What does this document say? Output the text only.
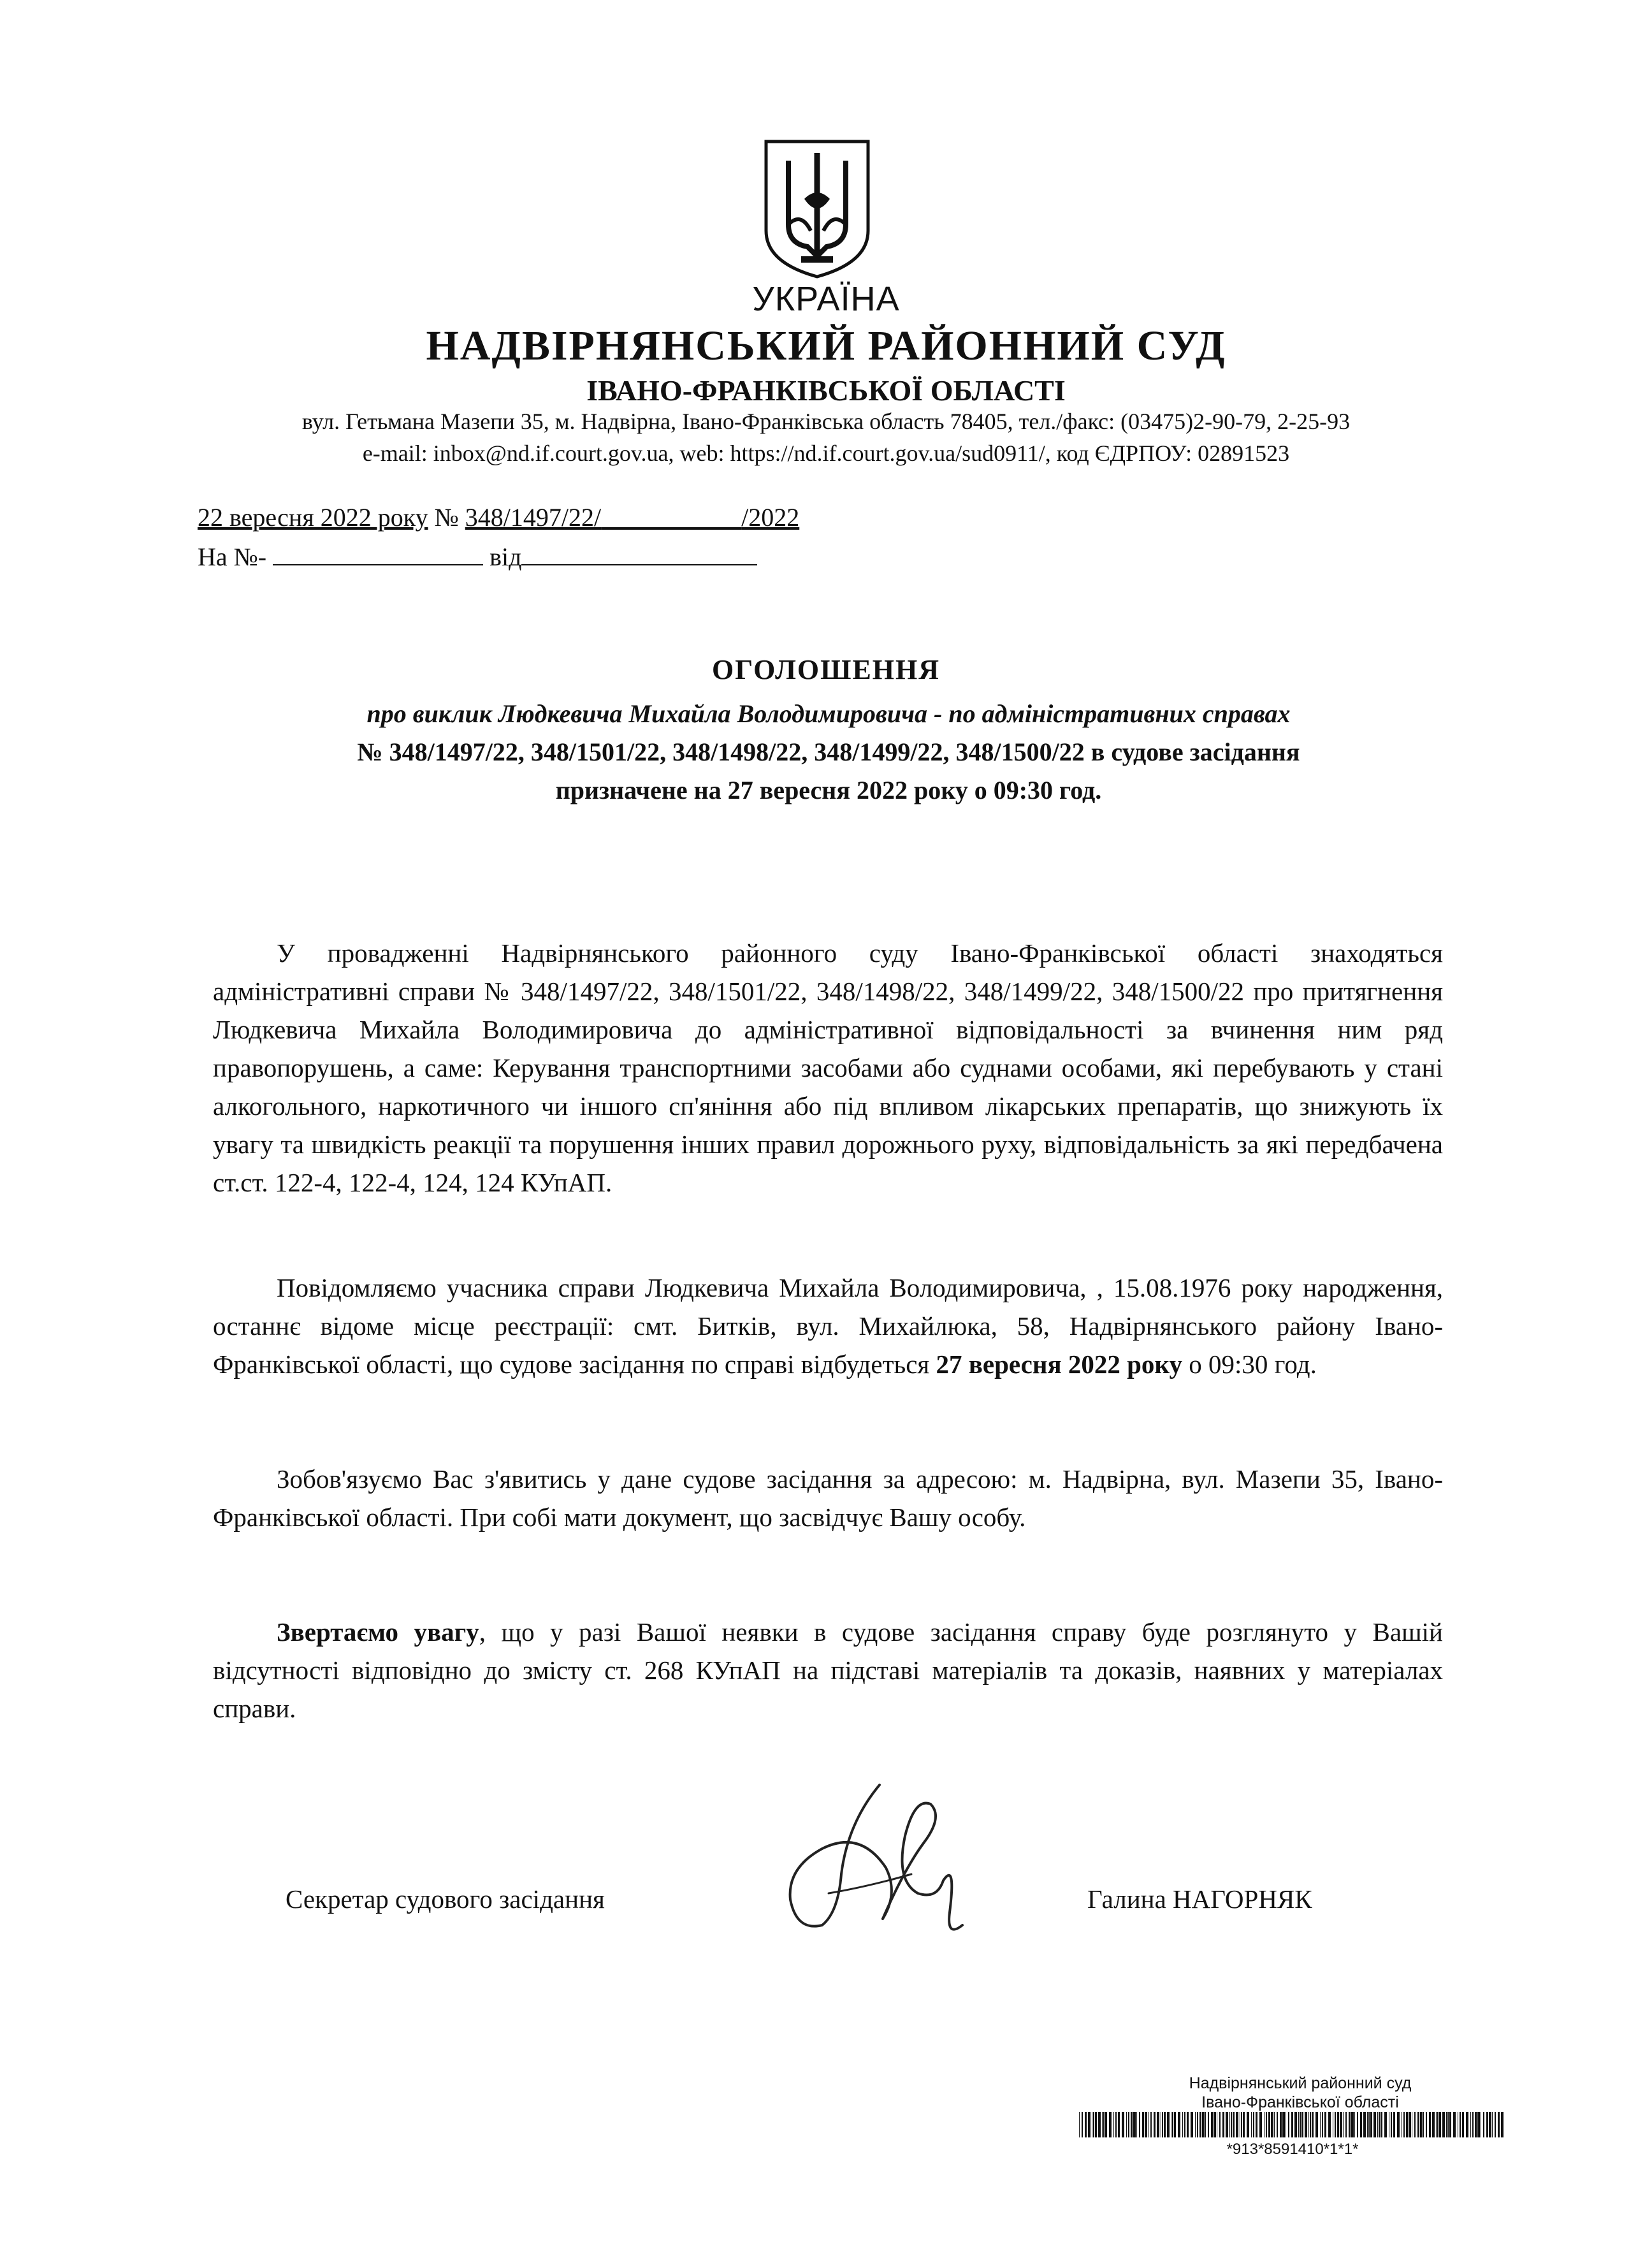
УКРАЇНА
НАДВІРНЯНСЬКИЙ РАЙОННИЙ СУД
ІВАНО-ФРАНКІВСЬКОЇ ОБЛАСТІ
вул. Гетьмана Мазепи 35, м. Надвірна, Івано-Франківська область 78405, тел./факс: (03475)2-90-79, 2-25-93
e-mail: inbox@nd.if.court.gov.ua, web: https://nd.if.court.gov.ua/sud0911/, код ЄДРПОУ: 02891523
22 вересня 2022 року № 348/1497/22/	/2022
На №-	від
ОГОЛОШЕННЯ
про виклик Людкевича Михайла Володимировича - по адміністративних справах
№ 348/1497/22, 348/1501/22, 348/1498/22, 348/1499/22, 348/1500/22 в судове засідання
призначене на 27 вересня 2022 року о 09:30 год.

У провадженні Надвірнянського районного суду Івано-Франківської області знаходяться адміністративні справи № 348/1497/22, 348/1501/22, 348/1498/22, 348/1499/22, 348/1500/22 про притягнення Людкевича Михайла Володимировича до адміністративної відповідальності за вчинення ним ряд правопорушень, а саме: Керування транспортними засобами або суднами особами, які перебувають у стані алкогольного, наркотичного чи іншого сп'яніння або під впливом лікарських препаратів, що знижують їх увагу та швидкість реакції та порушення інших правил дорожнього руху, відповідальність за які передбачена ст.ст. 122-4, 122-4, 124, 124 КУпАП.

Повідомляємо учасника справи Людкевича Михайла Володимировича, , 15.08.1976 року народження, останнє відоме місце реєстрації: смт. Битків, вул. Михайлюка, 58, Надвірнянського району Івано-Франківської області, що судове засідання по справі відбудеться 27 вересня 2022 року о 09:30 год.

Зобов'язуємо Вас з'явитись у дане судове засідання за адресою: м. Надвірна, вул. Мазепи 35, Івано-Франківської області. При собі мати документ, що засвідчує Вашу особу.

Звертаємо увагу, що у разі Вашої неявки в судове засідання справу буде розглянуто у Вашій відсутності відповідно до змісту ст. 268 КУпАП на підставі матеріалів та доказів, наявних у матеріалах справи.

Секретар судового засідання	Галина НАГОРНЯК
Надвірнянський районний суд
Івано-Франківської області
*913*8591410*1*1*
